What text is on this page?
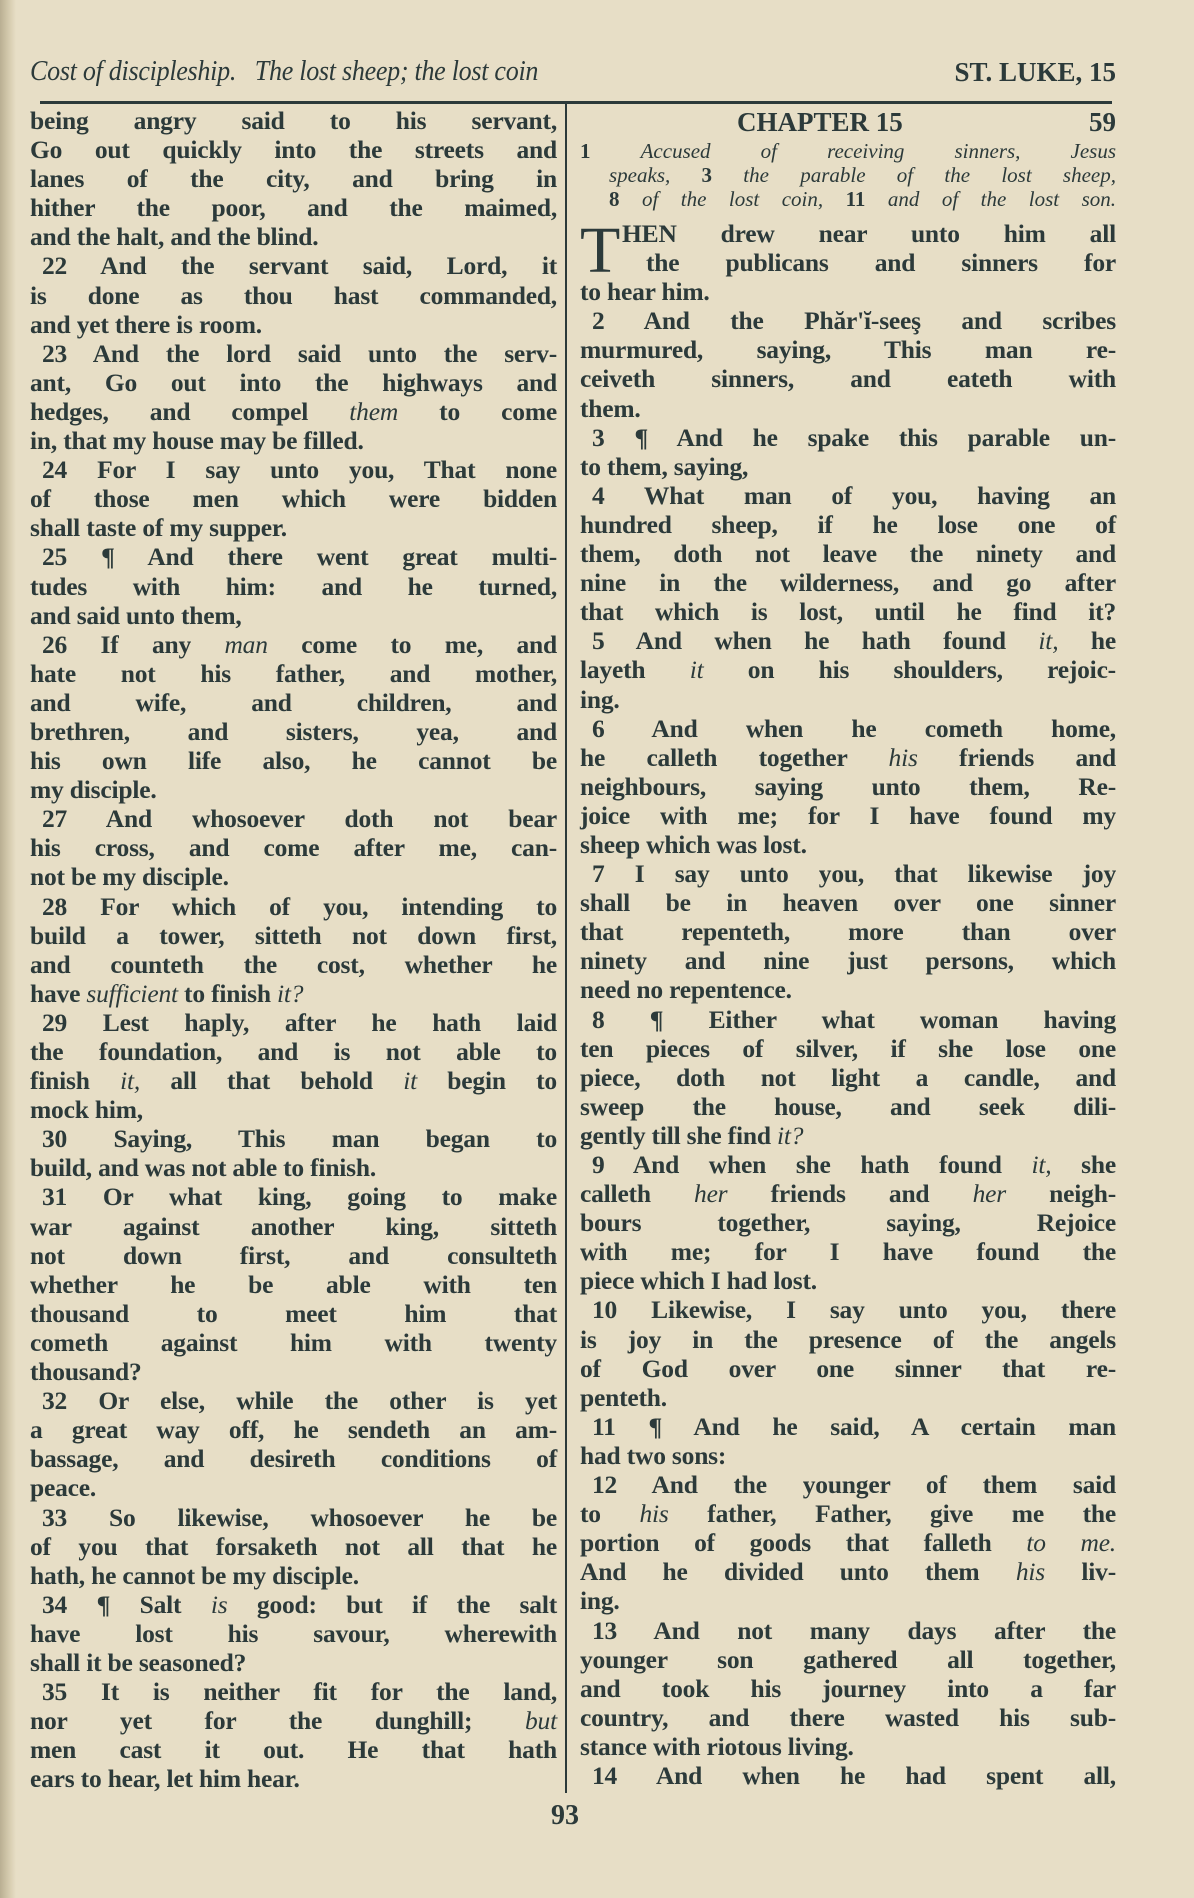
Cost of discipleship.   The lost sheep; the lost coin	ST. LUKE, 15
being angry said to his servant,
Go out quickly into the streets and
lanes of the city, and bring in
hither the poor, and the maimed,
and the halt, and the blind.
22 And the servant said, Lord, it
is done as thou hast commanded,
and yet there is room.
23 And the lord said unto the serv-
ant, Go out into the highways and
hedges, and compel them to come
in, that my house may be filled.
24 For I say unto you, That none
of those men which were bidden
shall taste of my supper.
25 ¶ And there went great multi-
tudes with him: and he turned,
and said unto them,
26 If any man come to me, and
hate not his father, and mother,
and wife, and children, and
brethren, and sisters, yea, and
his own life also, he cannot be
my disciple.
27 And whosoever doth not bear
his cross, and come after me, can-
not be my disciple.
28 For which of you, intending to
build a tower, sitteth not down first,
and counteth the cost, whether he
have sufficient to finish it?
29 Lest haply, after he hath laid
the foundation, and is not able to
finish it, all that behold it begin to
mock him,
30 Saying, This man began to
build, and was not able to finish.
31 Or what king, going to make
war against another king, sitteth
not down first, and consulteth
whether he be able with ten
thousand to meet him that
cometh against him with twenty
thousand?
32 Or else, while the other is yet
a great way off, he sendeth an am-
bassage, and desireth conditions of
peace.
33 So likewise, whosoever he be
of you that forsaketh not all that he
hath, he cannot be my disciple.
34 ¶ Salt is good: but if the salt
have lost his savour, wherewith
shall it be seasoned?
35 It is neither fit for the land,
nor yet for the dunghill; but
men cast it out. He that hath
ears to hear, let him hear.
CHAPTER 15	59
1 Accused of receiving sinners, Jesus
speaks, 3 the parable of the lost sheep,
8 of the lost coin, 11 and of the lost son.
T HEN drew near unto him all
the publicans and sinners for
to hear him.
2 And the Phăr'ĭ-seeş and scribes
murmured, saying, This man re-
ceiveth sinners, and eateth with
them.
3 ¶ And he spake this parable un-
to them, saying,
4 What man of you, having an
hundred sheep, if he lose one of
them, doth not leave the ninety and
nine in the wilderness, and go after
that which is lost, until he find it?
5 And when he hath found it, he
layeth it on his shoulders, rejoic-
ing.
6 And when he cometh home,
he calleth together his friends and
neighbours, saying unto them, Re-
joice with me; for I have found my
sheep which was lost.
7 I say unto you, that likewise joy
shall be in heaven over one sinner
that repenteth, more than over
ninety and nine just persons, which
need no repentence.
8 ¶ Either what woman having
ten pieces of silver, if she lose one
piece, doth not light a candle, and
sweep the house, and seek dili-
gently till she find it?
9 And when she hath found it, she
calleth her friends and her neigh-
bours together, saying, Rejoice
with me; for I have found the
piece which I had lost.
10 Likewise, I say unto you, there
is joy in the presence of the angels
of God over one sinner that re-
penteth.
11 ¶ And he said, A certain man
had two sons:
12 And the younger of them said
to his father, Father, give me the
portion of goods that falleth to me.
And he divided unto them his liv-
ing.
13 And not many days after the
younger son gathered all together,
and took his journey into a far
country, and there wasted his sub-
stance with riotous living.
14 And when he had spent all,
93
